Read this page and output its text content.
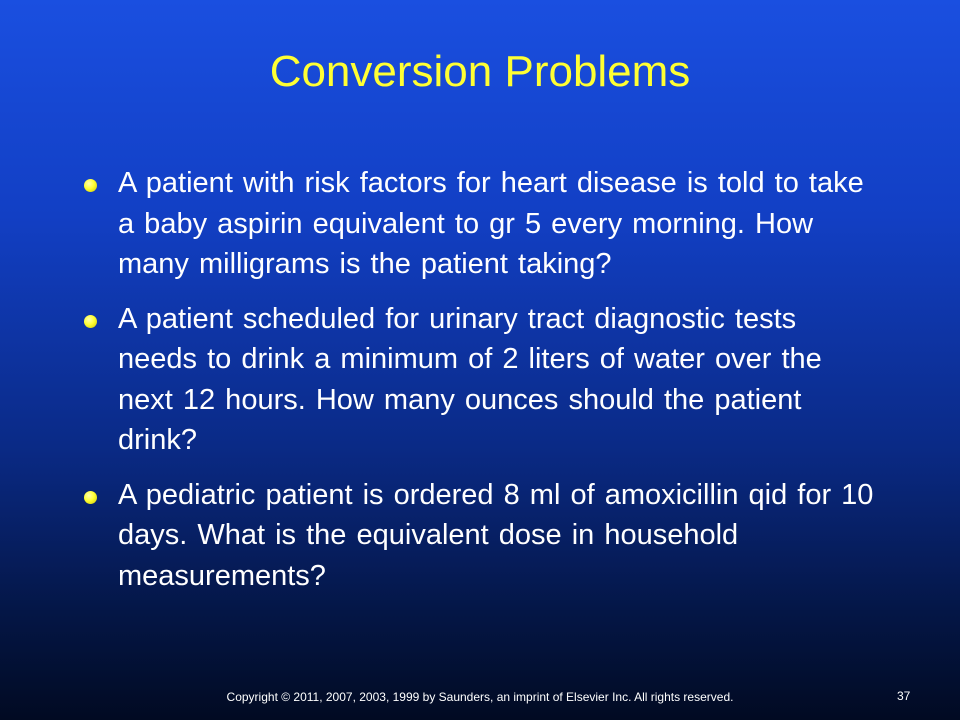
Conversion Problems
A patient with risk factors for heart disease is told to take a baby aspirin equivalent to gr 5 every morning. How many milligrams is the patient taking?
A patient scheduled for urinary tract diagnostic tests needs to drink a minimum of 2 liters of water over the next 12 hours. How many ounces should the patient drink?
A pediatric patient is ordered 8 ml of amoxicillin qid for 10 days. What is the equivalent dose in household measurements?
Copyright © 2011, 2007, 2003, 1999 by Saunders, an imprint of Elsevier Inc. All rights reserved.	37
